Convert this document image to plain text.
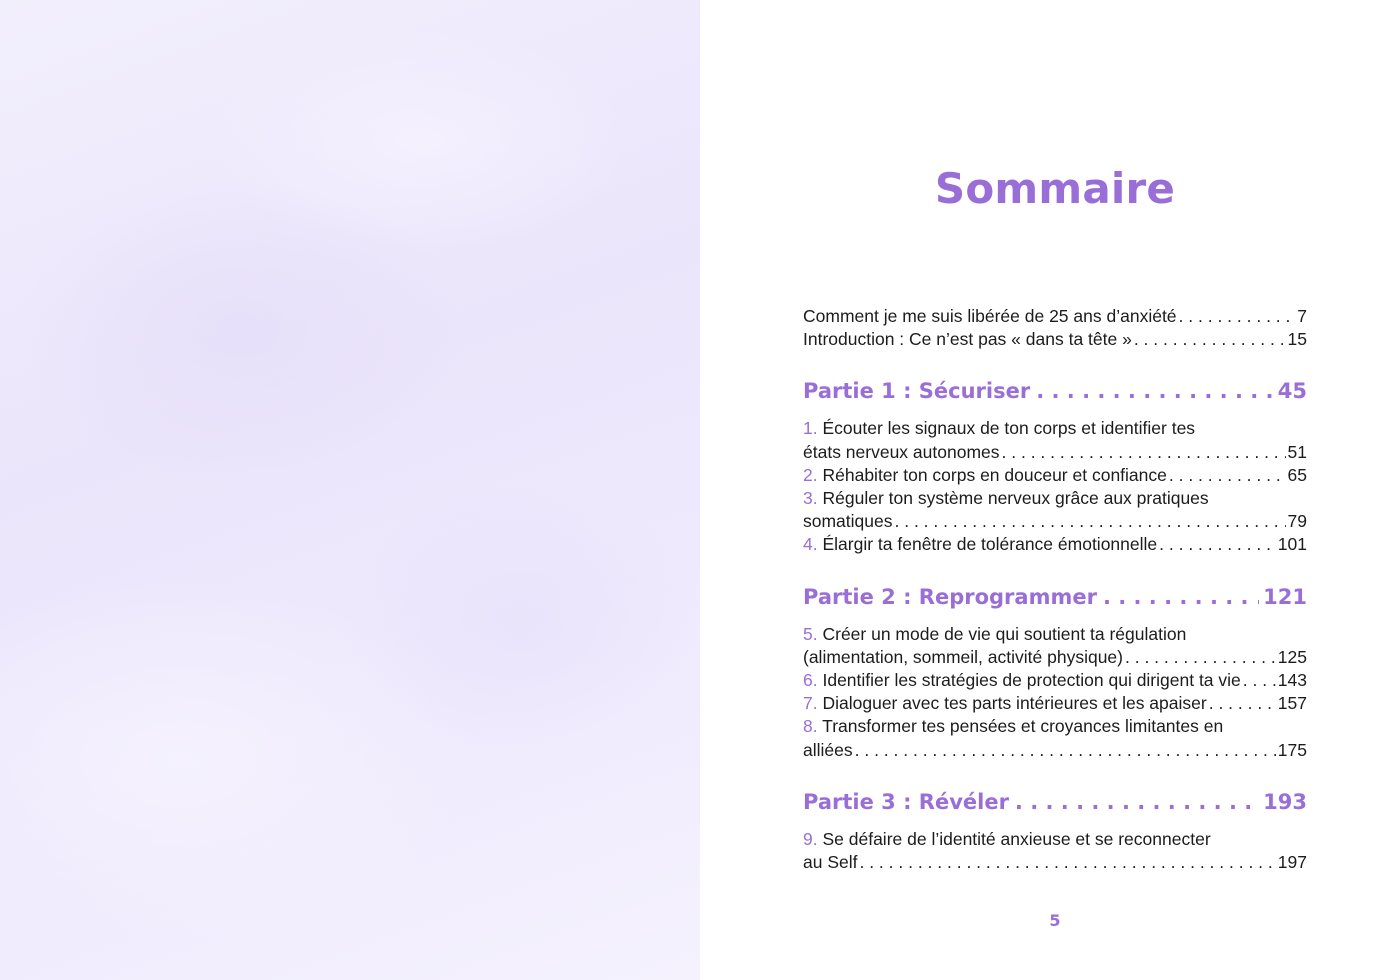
Sommaire
Comment je me suis libérée de 25 ans d’anxiété . . .	7
Introduction : Ce n’est pas « dans ta tête » . . .	15
Partie 1 : Sécuriser . . .	45
1. Écouter les signaux de ton corps et identifier tes
états nerveux autonomes . . .	51
2. Réhabiter ton corps en douceur et confiance . . .	65
3. Réguler ton système nerveux grâce aux pratiques
somatiques . . .	79
4. Élargir ta fenêtre de tolérance émotionnelle . . .	101
Partie 2 : Reprogrammer . . .	121
5. Créer un mode de vie qui soutient ta régulation
(alimentation, sommeil, activité physique) . . .	125
6. Identifier les stratégies de protection qui dirigent ta vie . . . 143
7. Dialoguer avec tes parts intérieures et les apaiser . . .	157
8. Transformer tes pensées et croyances limitantes en
alliées . . .	175
Partie 3 : Révéler . . .	193
9. Se défaire de l’identité anxieuse et se reconnecter
au Self . . .	197
5
